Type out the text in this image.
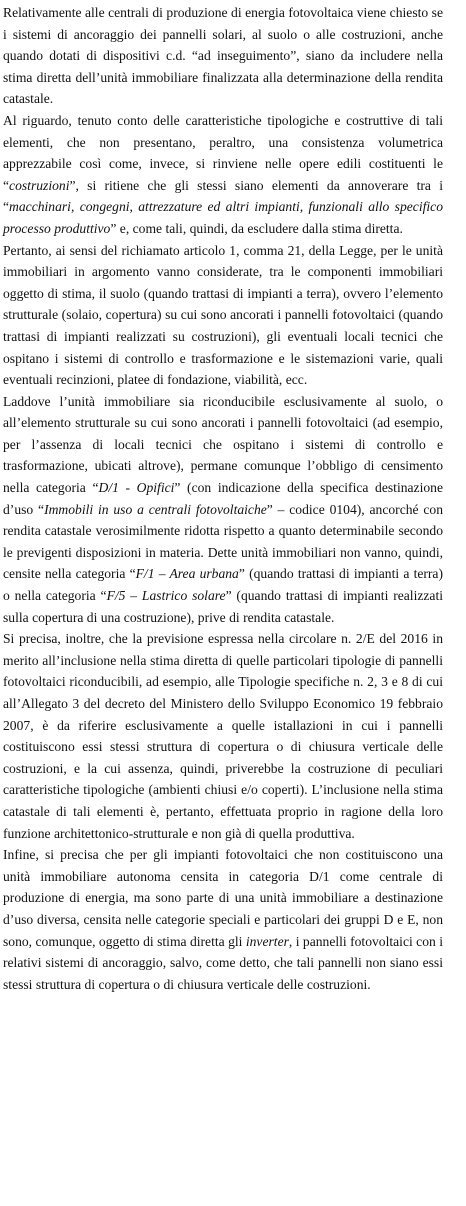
Relativamente alle centrali di produzione di energia fotovoltaica viene chiesto se i sistemi di ancoraggio dei pannelli solari, al suolo o alle costruzioni, anche quando dotati di dispositivi c.d. “ad inseguimento”, siano da includere nella stima diretta dell’unità immobiliare finalizzata alla determinazione della rendita catastale.

Al riguardo, tenuto conto delle caratteristiche tipologiche e costruttive di tali elementi, che non presentano, peraltro, una consistenza volumetrica apprezzabile così come, invece, si rinviene nelle opere edili costituenti le “costruzioni”, si ritiene che gli stessi siano elementi da annoverare tra i “macchinari, congegni, attrezzature ed altri impianti, funzionali allo specifico processo produttivo” e, come tali, quindi, da escludere dalla stima diretta.

Pertanto, ai sensi del richiamato articolo 1, comma 21, della Legge, per le unità immobiliari in argomento vanno considerate, tra le componenti immobiliari oggetto di stima, il suolo (quando trattasi di impianti a terra), ovvero l’elemento strutturale (solaio, copertura) su cui sono ancorati i pannelli fotovoltaici (quando trattasi di impianti realizzati su costruzioni), gli eventuali locali tecnici che ospitano i sistemi di controllo e trasformazione e le sistemazioni varie, quali eventuali recinzioni, platee di fondazione, viabilità, ecc.

Laddove l’unità immobiliare sia riconducibile esclusivamente al suolo, o all’elemento strutturale su cui sono ancorati i pannelli fotovoltaici (ad esempio, per l’assenza di locali tecnici che ospitano i sistemi di controllo e trasformazione, ubicati altrove), permane comunque l’obbligo di censimento nella categoria “D/1 - Opifici” (con indicazione della specifica destinazione d’uso “Immobili in uso a centrali fotovoltaiche” – codice 0104), ancorché con rendita catastale verosimilmente ridotta rispetto a quanto determinabile secondo le previgenti disposizioni in materia. Dette unità immobiliari non vanno, quindi, censite nella categoria “F/1 – Area urbana” (quando trattasi di impianti a terra) o nella categoria “F/5 – Lastrico solare” (quando trattasi di impianti realizzati sulla copertura di una costruzione), prive di rendita catastale.

Si precisa, inoltre, che la previsione espressa nella circolare n. 2/E del 2016 in merito all’inclusione nella stima diretta di quelle particolari tipologie di pannelli fotovoltaici riconducibili, ad esempio, alle Tipologie specifiche n. 2, 3 e 8 di cui all’Allegato 3 del decreto del Ministero dello Sviluppo Economico 19 febbraio 2007, è da riferire esclusivamente a quelle istallazioni in cui i pannelli costituiscono essi stessi struttura di copertura o di chiusura verticale delle costruzioni, e la cui assenza, quindi, priverebbe la costruzione di peculiari caratteristiche tipologiche (ambienti chiusi e/o coperti). L’inclusione nella stima catastale di tali elementi è, pertanto, effettuata proprio in ragione della loro funzione architettonico-strutturale e non già di quella produttiva.

Infine, si precisa che per gli impianti fotovoltaici che non costituiscono una unità immobiliare autonoma censita in categoria D/1 come centrale di produzione di energia, ma sono parte di una unità immobiliare a destinazione d’uso diversa, censita nelle categorie speciali e particolari dei gruppi D e E, non sono, comunque, oggetto di stima diretta gli inverter, i pannelli fotovoltaici con i relativi sistemi di ancoraggio, salvo, come detto, che tali pannelli non siano essi stessi struttura di copertura o di chiusura verticale delle costruzioni.
